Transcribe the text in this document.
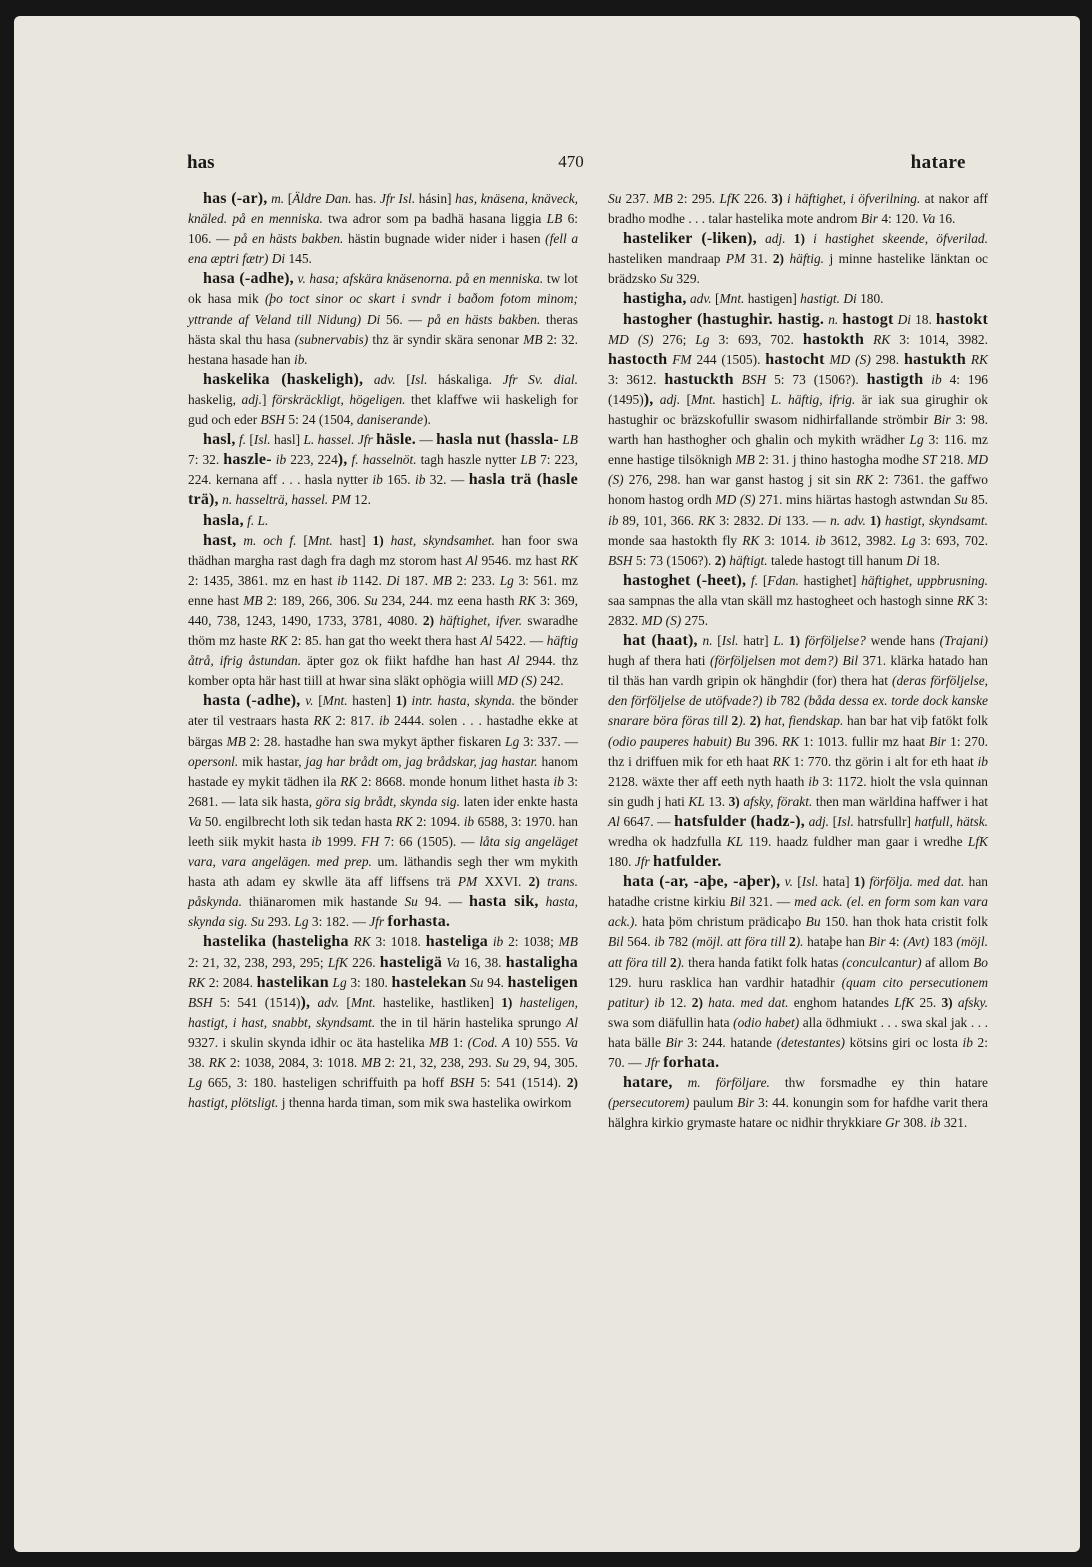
has	470	hatare

has (-ar), m. [Äldre Dan. has. Jfr Isl. hásin] has, knäsena, knäveck, knäled. på en menniska. twa adror som pa badhä hasana liggia LB 6: 106. — på en hästs bakben. hästin bugnade wider nider i hasen (fell a ena æptri fætr) Di 145.

hasa (-adhe), v. hasa; afskära knäsenorna. på en menniska. tw lot ok hasa mik (þo toct sinor oc skart i svndr i baðom fotom minom; yttrande af Veland till Nidung) Di 56. — på en hästs bakben. theras hästa skal thu hasa (subnervabis) thz är syndir skära senonar MB 2: 32. hestana hasade han ib.

haskelika (haskeligh), adv. [Isl. háskaliga. Jfr Sv. dial. haskelig, adj.] förskräckligt, högeligen. thet klaffwe wii haskeligh for gud och eder BSH 5: 24 (1504, daniserande).

hasl, f. [Isl. hasl] L. hassel. Jfr häsle. — hasla nut (hassla- LB 7: 32. haszle- ib 223, 224), f. hasselnöt. tagh haszle nytter LB 7: 223, 224. kernana aff . . . hasla nytter ib 165. ib 32. — hasla trä (hasle trä), n. hasselträ, hassel. PM 12.

hasla, f. L.

hast, m. och f. [Mnt. hast] 1) hast, skyndsamhet. han foor swa thädhan margha rast dagh fra dagh mz storom hast Al 9546. mz hast RK 2: 1435, 3861. mz en hast ib 1142. Di 187. MB 2: 233. Lg 3: 561. mz enne hast MB 2: 189, 266, 306. Su 234, 244. mz eena hasth RK 3: 369, 440, 738, 1243, 1490, 1733, 3781, 4080. 2) häftighet, ifver. swaradhe thöm mz haste RK 2: 85. han gat tho weekt thera hast Al 5422. — häftig åtrå, ifrig åstundan. äpter goz ok fiikt hafdhe han hast Al 2944. thz komber opta här hast tiill at hwar sina släkt ophögia wiill MD (S) 242.

hasta (-adhe), v. [Mnt. hasten] 1) intr. hasta, skynda. the bönder ater til vestraars hasta RK 2: 817. ib 2444. solen . . . hastadhe ekke at bärgas MB 2: 28. hastadhe han swa mykyt äpther fiskaren Lg 3: 337. — opersonl. mik hastar, jag har brådt om, jag brådskar, jag hastar. hanom hastade ey mykit tädhen ila RK 2: 8668. monde honum lithet hasta ib 3: 2681. — lata sik hasta, göra sig brådt, skynda sig. laten ider enkte hasta Va 50. engilbrecht loth sik tedan hasta RK 2: 1094. ib 6588, 3: 1970. han leeth siik mykit hasta ib 1999. FH 7: 66 (1505). — låta sig angeläget vara, vara angelägen. med prep. um. läthandis segh ther wm mykith hasta ath adam ey skwlle äta aff liffsens trä PM XXVI. 2) trans. påskynda. thiänaromen mik hastande Su 94. — hasta sik, hasta, skynda sig. Su 293. Lg 3: 182. — Jfr forhasta.

hastelika (hasteligha RK 3: 1018. hasteliga ib 2: 1038; MB 2: 21, 32, 238, 293, 295; LfK 226. hasteligä Va 16, 38. hastaligha RK 2: 2084. hastelikan Lg 3: 180. hastelekan Su 94. hasteligen BSH 5: 541 (1514)), adv. [Mnt. hastelike, hastliken] 1) hasteligen, hastigt, i hast, snabbt, skyndsamt. the in til härin hastelika sprungo Al 9327. i skulin skynda idhir oc äta hastelika MB 1: (Cod. A 10) 555. Va 38. RK 2: 1038, 2084, 3: 1018. MB 2: 21, 32, 238, 293. Su 29, 94, 305. Lg 665, 3: 180. hasteligen schriffuith pa hoff BSH 5: 541 (1514). 2) hastigt, plötsligt. j thenna harda timan, som mik swa hastelika owirkom

Su 237. MB 2: 295. LfK 226. 3) i häftighet, i öfverilning. at nakor aff bradho modhe . . . talar hastelika mote androm Bir 4: 120. Va 16.

hasteliker (-liken), adj. 1) i hastighet skeende, öfverilad. hasteliken mandraap PM 31. 2) häftig. j minne hastelike länktan oc brädzsko Su 329.

hastigha, adv. [Mnt. hastigen] hastigt. Di 180.

hastogher (hastughir. hastig. n. hastogt Di 18. hastokt MD (S) 276; Lg 3: 693, 702. hastokth RK 3: 1014, 3982. hastocth FM 244 (1505). hastocht MD (S) 298. hastukth RK 3: 3612. hastuckth BSH 5: 73 (1506?). hastigth ib 4: 196 (1495)), adj. [Mnt. hastich] L. häftig, ifrig. är iak sua girughir ok hastughir oc bräzskofullir swasom nidhirfallande strömbir Bir 3: 98. warth han hasthogher och ghalin och mykith wrädher Lg 3: 116. mz enne hastige tilsöknigh MB 2: 31. j thino hastogha modhe ST 218. MD (S) 276, 298. han war ganst hastog j sit sin RK 2: 7361. the gaffwo honom hastog ordh MD (S) 271. mins hiärtas hastogh astwndan Su 85. ib 89, 101, 366. RK 3: 2832. Di 133. — n. adv. 1) hastigt, skyndsamt. monde saa hastokth fly RK 3: 1014. ib 3612, 3982. Lg 3: 693, 702. BSH 5: 73 (1506?). 2) häftigt. talede hastogt till hanum Di 18.

hastoghet (-heet), f. [Fdan. hastighet] häftighet, uppbrusning. saa sampnas the alla vtan skäll mz hastogheet och hastogh sinne RK 3: 2832. MD (S) 275.

hat (haat), n. [Isl. hatr] L. 1) förföljelse? wende hans (Trajani) hugh af thera hati (förföljelsen mot dem?) Bil 371. klärka hatado han til thäs han vardh gripin ok hänghdir (for) thera hat (deras förföljelse, den förföljelse de utöfvade?) ib 782 (båda dessa ex. torde dock kanske snarare böra föras till 2). 2) hat, fiendskap. han bar hat viþ fatökt folk (odio pauperes habuit) Bu 396. RK 1: 1013. fullir mz haat Bir 1: 270. thz i driffuen mik for eth haat RK 1: 770. thz görin i alt for eth haat ib 2128. wäxte ther aff eeth nyth haath ib 3: 1172. hiolt the vsla quinnan sin gudh j hati KL 13. 3) afsky, förakt. then man wärldina haffwer i hat Al 6647. — hatsfulder (hadz-), adj. [Isl. hatrsfullr] hatfull, hätsk. wredha ok hadzfulla KL 119. haadz fuldher man gaar i wredhe LfK 180. Jfr hatfulder.

hata (-ar, -aþe, -aþer), v. [Isl. hata] 1) förfölja. med dat. han hatadhe cristne kirkiu Bil 321. — med ack. (el. en form som kan vara ack.). hata þöm christum prädicaþo Bu 150. han thok hata cristit folk Bil 564. ib 782 (möjl. att föra till 2). hataþe han Bir 4: (Avt) 183 (möjl. att föra till 2). thera handa fatikt folk hatas (conculcantur) af allom Bo 129. huru rasklica han vardhir hatadhir (quam cito persecutionem patitur) ib 12. 2) hata. med dat. enghom hatandes LfK 25. 3) afsky. swa som diäfullin hata (odio habet) alla ödhmiukt . . . swa skal jak . . . hata bälle Bir 3: 244. hatande (detestantes) kötsins giri oc losta ib 2: 70. — Jfr forhata.

hatare, m. förföljare. thw forsmadhe ey thin hatare (persecutorem) paulum Bir 3: 44. konungin som for hafdhe varit thera hälghra kirkio grymaste hatare oc nidhir thrykkiare Gr 308. ib 321.
